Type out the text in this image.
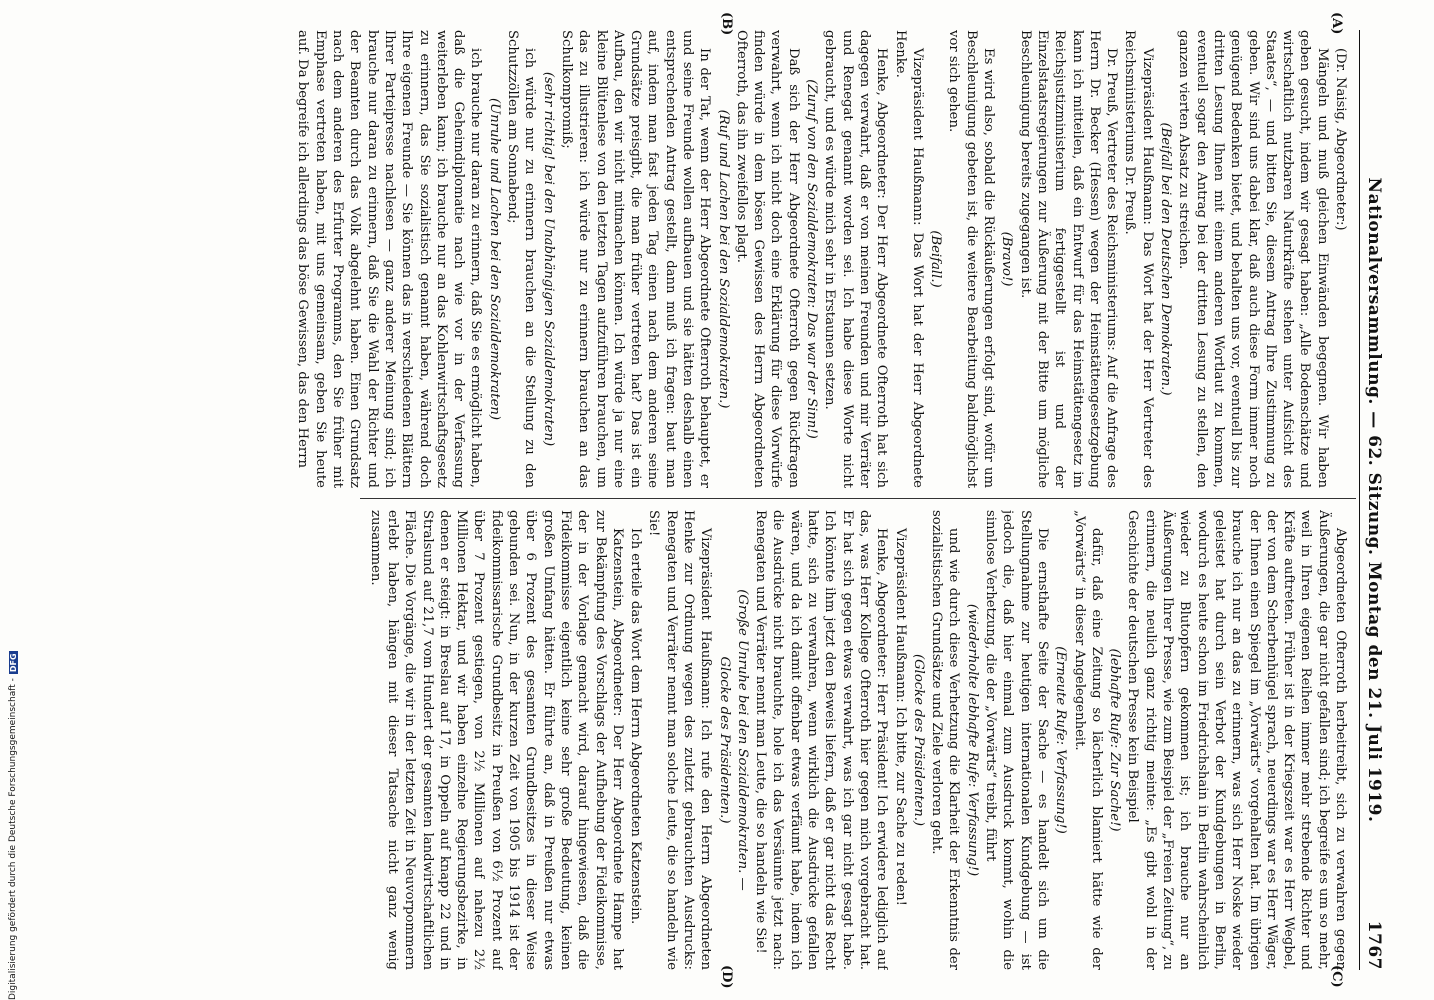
Nationalversammlung. — 62. Sitzung. Montag den 21. Juli 1919.
1767
(A)
(B)
(C)
(D)

(Dr. Naisig, Abgeordneter:)

Mängeln und muß gleichen Einwänden begegnen. Wir haben geben gesucht, indem wir gesagt haben: „Alle Bodenschätze und wirtschaftlich nutzbaren Naturkräfte stehen unter Aufsicht des Staates“, — und bitten Sie, diesem Antrag Ihre Zustimmung zu geben. Wir sind uns dabei klar, daß auch diese Form immer noch genügend Bedenken bietet, und behalten uns vor, eventuell bis zur dritten Lesung Ihnen mit einem anderen Wortlaut zu kommen, eventuell sogar den Antrag bei der dritten Lesung zu stellen, den ganzen vierten Absatz zu streichen.

(Beifall bei den Deutschen Demokraten.)

Vizepräsident Haußmann: Das Wort hat der Herr Vertreter des Reichsministeriums Dr. Preuß.

Dr. Preuß, Vertreter des Reichsministeriums: Auf die Anfrage des Herrn Dr. Becker (Hessen) wegen der Heimstättengesetzgebung kann ich mitteilen, daß ein Entwurf für das Heimstättengesetz im Reichsjustizministerium fertiggestellt ist und der Einzelstaatsregierungen zur Äußerung mit der Bitte um mögliche Beschleunigung bereits zugegangen ist.

(Bravo!)

Es wird also, sobald die Rückäußerungen erfolgt sind, wofür um Beschleunigung gebeten ist, die weitere Bearbeitung baldmöglichst vor sich gehen.

(Beifall.)

Vizepräsident Haußmann: Das Wort hat der Herr Abgeordnete Henke.

Henke, Abgeordneter: Der Herr Abgeordnete Ofterroth hat sich dagegen verwahrt, daß er von meinen Freunden und mir Verräter und Renegat genannt worden sei. Ich habe diese Worte nicht gebraucht, und es würde mich sehr in Erstaunen setzen.

(Zuruf von den Sozialdemokraten: Das war der Sinn!)

Daß sich der Herr Abgeordnete Ofterroth gegen Rückfragen verwahrt, wenn ich nicht doch eine Erklärung für diese Vorwürfe finden würde in dem bösen Gewissen des Herrn Abgeordneten Ofterroth, das ihn zweifellos plagt.

(Ruf und Lachen bei den Sozialdemokraten.)

In der Tat, wenn der Herr Abgeordnete Ofterroth behauptet, er und seine Freunde wollen aufbauen und sie hätten deshalb einen entsprechenden Antrag gestellt, dann muß ich fragen: baut man auf, indem man fast jeden Tag einen nach dem anderen seine Grundsätze preisgibt, die man früher vertreten hat? Das ist ein Aufbau, den wir nicht mitmachen können. Ich würde ja nur eine kleine Blütenlese von den letzten Tagen aufzuführen brauchen, um das zu illustrieren: ich würde nur zu erinnern brauchen an das Schulkompromiß;

(sehr richtig! bei den Unabhängigen Sozialdemokraten)

ich würde nur zu erinnern brauchen an die Stellung zu den Schutzzöllen am Sonnabend;

(Unruhe und Lachen bei den Sozialdemokraten)

ich brauche nur daran zu erinnern, daß Sie es ermöglicht haben, daß die Geheimdiplomatie nach wie vor in der Verfassung weiterleben kann; ich brauche nur an das Kohlenwirtschaftsgesetz zu erinnern, das Sie sozialistisch genannt haben, während doch Ihre eigenen Freunde — Sie können das in verschiedenen Blättern Ihrer Parteipresse nachlesen — ganz anderer Meinung sind; ich brauche nur daran zu erinnern, daß Sie die Wahl der Richter und der Beamten durch das Volk abgelehnt haben. Einen Grundsatz nach dem anderen des Erfurter Programms, den Sie früher mit Emphase vertreten haben, mit uns gemeinsam, geben Sie heute auf. Da begreife ich allerdings das böse Gewissen, das den Herrn

Abgeordneten Ofterroth herbeitreibt, sich zu verwahren gegen Äußerungen, die gar nicht gefallen sind; ich begreife es um so mehr, weil in Ihren eigenen Reihen immer mehr strebende Richter und Kräfte auftreten. Früher ist in der Kriegszeit war es Herr Wegbel, der von dem Scherbenhügel sprach, neuerdings war es Herr Wäger, der Ihnen einen Spiegel im „Vorwärts“ vorgehalten hat. Im übrigen brauche ich nur an das zu erinnern, was sich Herr Noske wieder geleistet hat durch sein Verbot der Kundgebungen in Berlin, wodurch es heute schon im Friedrichshain in Berlin wahrscheinlich wieder zu Blutopfern gekommen ist; ich brauche nur an Äußerungen Ihrer Presse, wie zum Beispiel der „Freien Zeitung“, zu erinnern, die neulich ganz richtig meinte: „Es gibt wohl in der Geschichte der deutschen Presse kein Beispiel

(lebhafte Rufe: Zur Sache!)

dafür, daß eine Zeitung so lächerlich blamiert hätte wie der „Vorwärts“ in dieser Angelegenheit.

(Erneute Rufe: Verfassung!)

Die ernsthafte Seite der Sache — es handelt sich um die Stellungnahme zur heutigen internationalen Kundgebung — ist jedoch die, daß hier einmal zum Ausdruck kommt, wohin die sinnlose Verhetzung, die der „Vorwärts“ treibt, führt

(wiederholte lebhafte Rufe: Verfassung!)

und wie durch diese Verhetzung die Klarheit der Erkenntnis der sozialistischen Grundsätze und Ziele verloren geht.

(Glocke des Präsidenten.)

Vizepräsident Haußmann: Ich bitte, zur Sache zu reden!

Henke, Abgeordneter: Herr Präsident! Ich erwidere lediglich auf das, was Herr Kollege Ofterroth hier gegen mich vorgebracht hat. Er hat sich gegen etwas verwahrt, was ich gar nicht gesagt habe. Ich könnte ihm jetzt den Beweis liefern, daß er gar nicht das Recht hatte, sich zu verwahren, wenn wirklich die Ausdrücke gefallen wären, und da ich damit offenbar etwas verfäumt habe, indem ich die Ausdrücke nicht brauchte, hole ich das Versäumte jetzt nach: Renegaten und Verräter nennt man Leute, die so handeln wie Sie!

(Große Unruhe bei den Sozialdemokraten. —

Glocke des Präsidenten.)

Vizepräsident Haußmann: Ich rufe den Herrn Abgeordneten Henke zur Ordnung wegen des zuletzt gebrauchten Ausdrucks: Renegaten und Verräter nennt man solche Leute, die so handeln wie Sie!

Ich erteile das Wort dem Herrn Abgeordneten Katzenstein.

Katzenstein, Abgeordneter: Der Herr Abgeordnete Hampe hat zur Bekämpfung des Vorschlags der Aufhebung der Fideikommisse, der in der Vorlage gemacht wird, darauf hingewiesen, daß die Fideikommisse eigentlich keine sehr große Bedeutung, keinen großen Umfang hätten. Er führte an, daß in Preußen nur etwas über 6 Prozent des gesamten Grundbesitzes in dieser Weise gebunden sei. Nun, in der kurzen Zeit von 1905 bis 1914 ist der fideikommissarische Grundbesitz in Preußen von 6½ Prozent auf über 7 Prozent gestiegen, von 2½ Millionen auf nahezu 2½ Millionen Hektar, und wir haben einzelne Regierungsbezirke, in denen er steigt: in Breslau auf 17, in Oppeln auf knapp 22 und in Stralsund auf 21,7 vom Hundert der gesamten landwirtschaftlichen Fläche. Die Vorgänge, die wir in der letzten Zeit in Neuvorpommern erlebt haben, hängen mit dieser Tatsache nicht ganz wenig zusammen.

Digitalisierung gefördert durch die Deutsche Forschungsgemeinschaft -
DFG
